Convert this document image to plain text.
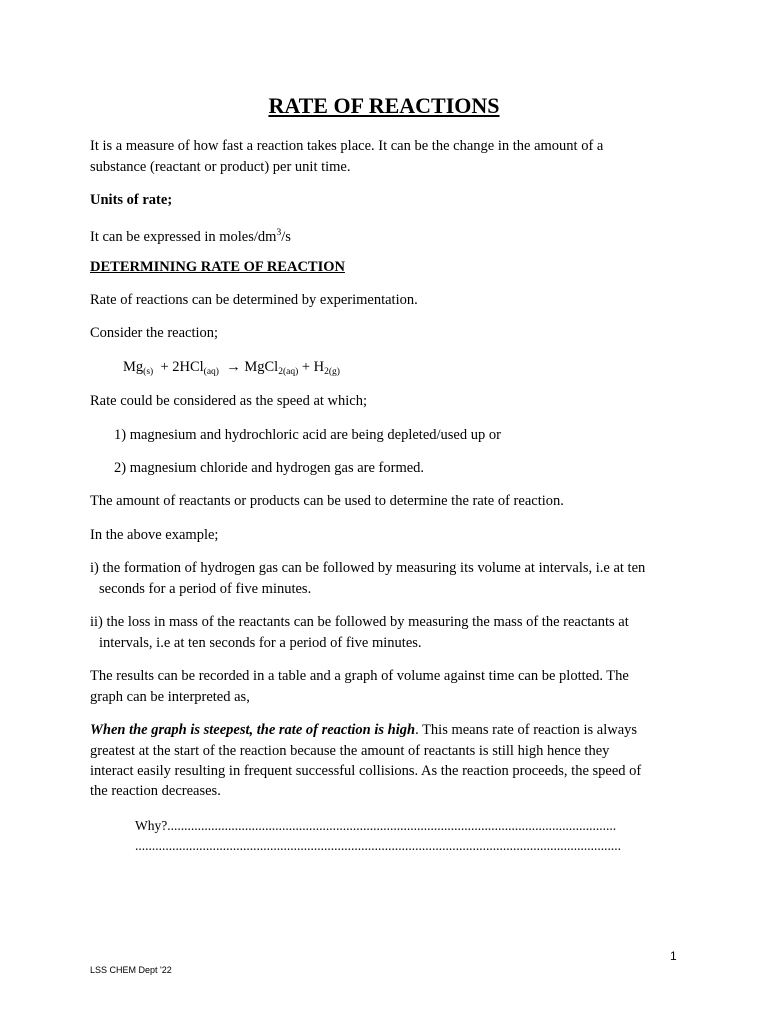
RATE OF REACTIONS
It is a measure of how fast a reaction takes place. It can be the change in the amount of a
substance (reactant or product) per unit time.
Units of rate;
It can be expressed in moles/$dm^3/s$
DETERMINING RATE OF REACTION
Rate of reactions can be determined by experimentation.
Consider the reaction;
$Mg_{(s)} + 2HCl_{(aq)}$  → MgCl$_{2(aq)}$ + $H_{2(g)}$
Rate could be considered as the speed at which;
1) magnesium and hydrochloric acid are being depleted/used up or
2) magnesium chloride and hydrogen gas are formed.
The amount of reactants or products can be used to determine the rate of reaction.
In the above example;
i) the formation of hydrogen gas can be followed by measuring its volume at intervals, i.e at ten
seconds for a period of five minutes.
ii) the loss in mass of the reactants can be followed by measuring the mass of the reactants at
intervals, i.e at ten seconds for a period of five minutes.
The results can be recorded in a table and a graph of volume against time can be plotted. The
graph can be interpreted as,
When the graph is steepest, the rate of reaction is high. This means rate of reaction is always
greatest at the start of the reaction because the amount of reactants is still high hence they
interact easily resulting in frequent successful collisions. As the reaction proceeds, the speed of
the reaction decreases.
Why?.....................................................................................................................................
................................................................................................................................................
1
LSS CHEM Dept '22
